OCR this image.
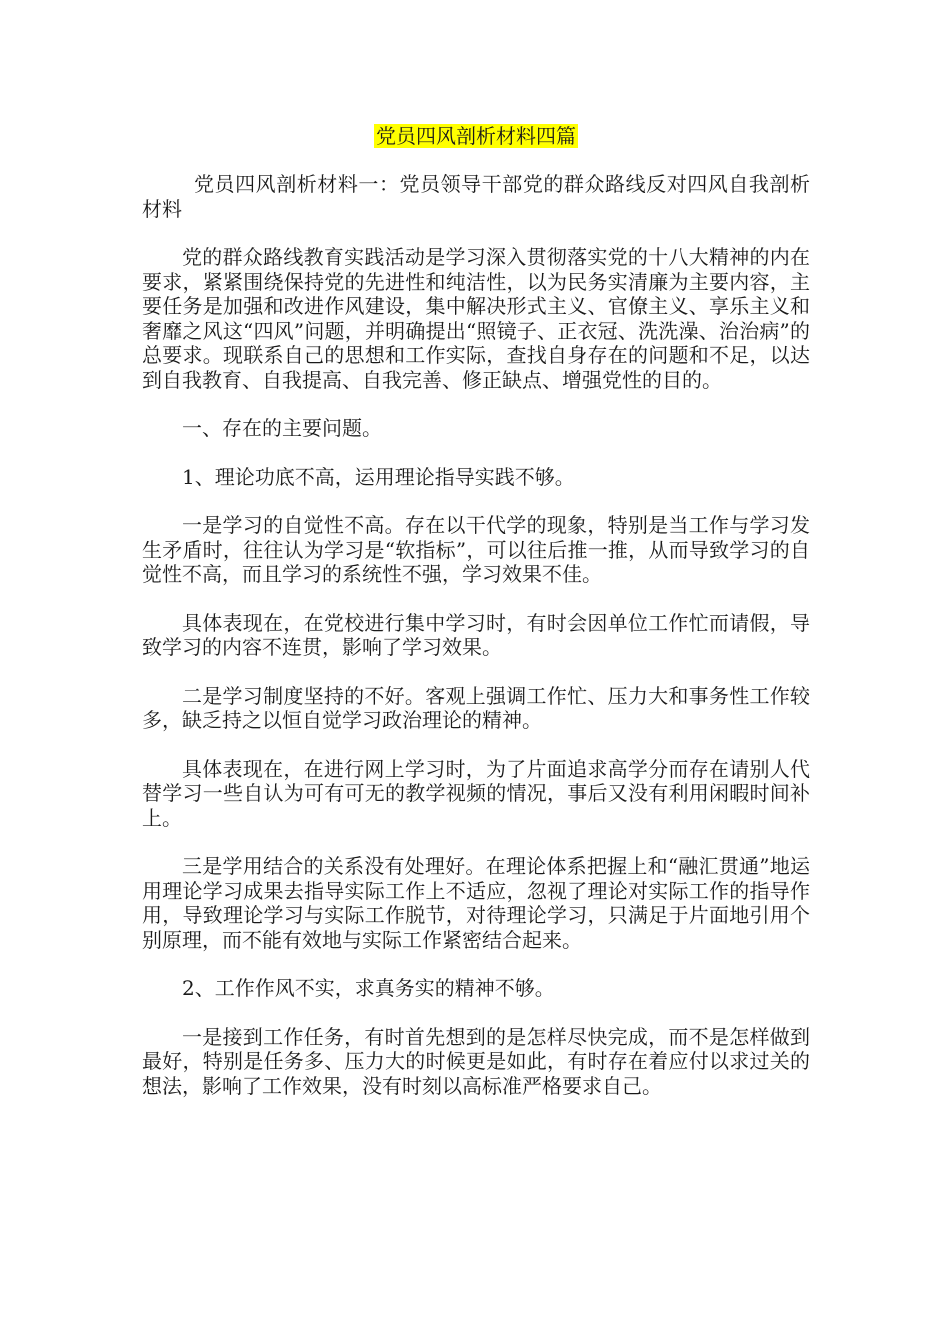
党员四风剖析材料四篇

党员四风剖析材料一：党员领导干部党的群众路线反对四风自我剖析材料

党的群众路线教育实践活动是学习深入贯彻落实党的十八大精神的内在要求，紧紧围绕保持党的先进性和纯洁性，以为民务实清廉为主要内容，主要任务是加强和改进作风建设，集中解决形式主义、官僚主义、享乐主义和奢靡之风这“四风”问题，并明确提出“照镜子、正衣冠、洗洗澡、治治病”的总要求。现联系自己的思想和工作实际，查找自身存在的问题和不足，以达到自我教育、自我提高、自我完善、修正缺点、增强党性的目的。

一、存在的主要问题。

1、理论功底不高，运用理论指导实践不够。

一是学习的自觉性不高。存在以干代学的现象，特别是当工作与学习发生矛盾时，往往认为学习是“软指标”，可以往后推一推，从而导致学习的自觉性不高，而且学习的系统性不强，学习效果不佳。

具体表现在，在党校进行集中学习时，有时会因单位工作忙而请假，导致学习的内容不连贯，影响了学习效果。

二是学习制度坚持的不好。客观上强调工作忙、压力大和事务性工作较多，缺乏持之以恒自觉学习政治理论的精神。

具体表现在，在进行网上学习时，为了片面追求高学分而存在请别人代替学习一些自认为可有可无的教学视频的情况，事后又没有利用闲暇时间补上。

三是学用结合的关系没有处理好。在理论体系把握上和“融汇贯通”地运用理论学习成果去指导实际工作上不适应，忽视了理论对实际工作的指导作用，导致理论学习与实际工作脱节，对待理论学习，只满足于片面地引用个别原理，而不能有效地与实际工作紧密结合起来。

2、工作作风不实，求真务实的精神不够。

一是接到工作任务，有时首先想到的是怎样尽快完成，而不是怎样做到最好，特别是任务多、压力大的时候更是如此，有时存在着应付以求过关的想法，影响了工作效果，没有时刻以高标准严格要求自己。
